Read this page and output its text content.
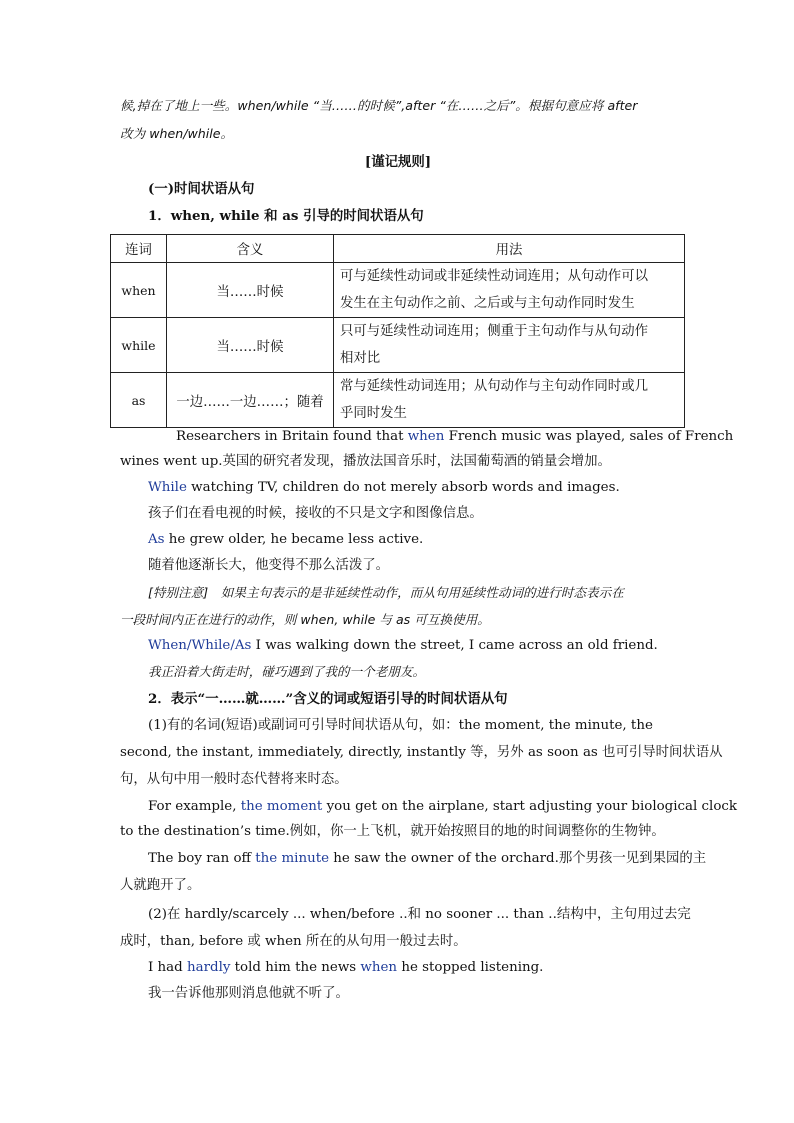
候,掉在了地上一些。when/while “当……的时候”,after “在……之后”。根据句意应将 after
改为 when/while。
[谨记规则]
(一)时间状语从句
1．when, while 和 as 引导的时间状语从句
连词	含义	用法
when	当……时候	可与延续性动词或非延续性动词连用；从句动作可以
发生在主句动作之前、之后或与主句动作同时发生
while	当……时候	只可与延续性动词连用；侧重于主句动作与从句动作
相对比
as	一边……一边……；随着	常与延续性动词连用；从句动作与主句动作同时或几
乎同时发生
Researchers in Britain found that when French music was played, sales of French
wines went up.英国的研究者发现，播放法国音乐时，法国葡萄酒的销量会增加。
While watching TV, children do not merely absorb words and images.
孩子们在看电视的时候，接收的不只是文字和图像信息。
As he grew older, he became less active.
随着他逐渐长大，他变得不那么活泼了。
[特别注意]　如果主句表示的是非延续性动作，而从句用延续性动词的进行时态表示在
一段时间内正在进行的动作，则 when, while 与 as 可互换使用。
When/While/As I was walking down the street, I came across an old friend.
我正沿着大街走时，碰巧遇到了我的一个老朋友。
2．表示“一……就……”含义的词或短语引导的时间状语从句
(1)有的名词(短语)或副词可引导时间状语从句，如：the moment, the minute, the
second, the instant, immediately, directly, instantly 等，另外 as soon as 也可引导时间状语从
句，从句中用一般时态代替将来时态。
For example, the moment you get on the airplane, start adjusting your biological clock
to the destination’s time.例如，你一上飞机，就开始按照目的地的时间调整你的生物钟。
The boy ran off the minute he saw the owner of the orchard.那个男孩一见到果园的主
人就跑开了。
(2)在 hardly/scarcely ... when/before ..和 no sooner ... than ..结构中，主句用过去完
成时，than, before 或 when 所在的从句用一般过去时。
I had hardly told him the news when he stopped listening.
我一告诉他那则消息他就不听了。
